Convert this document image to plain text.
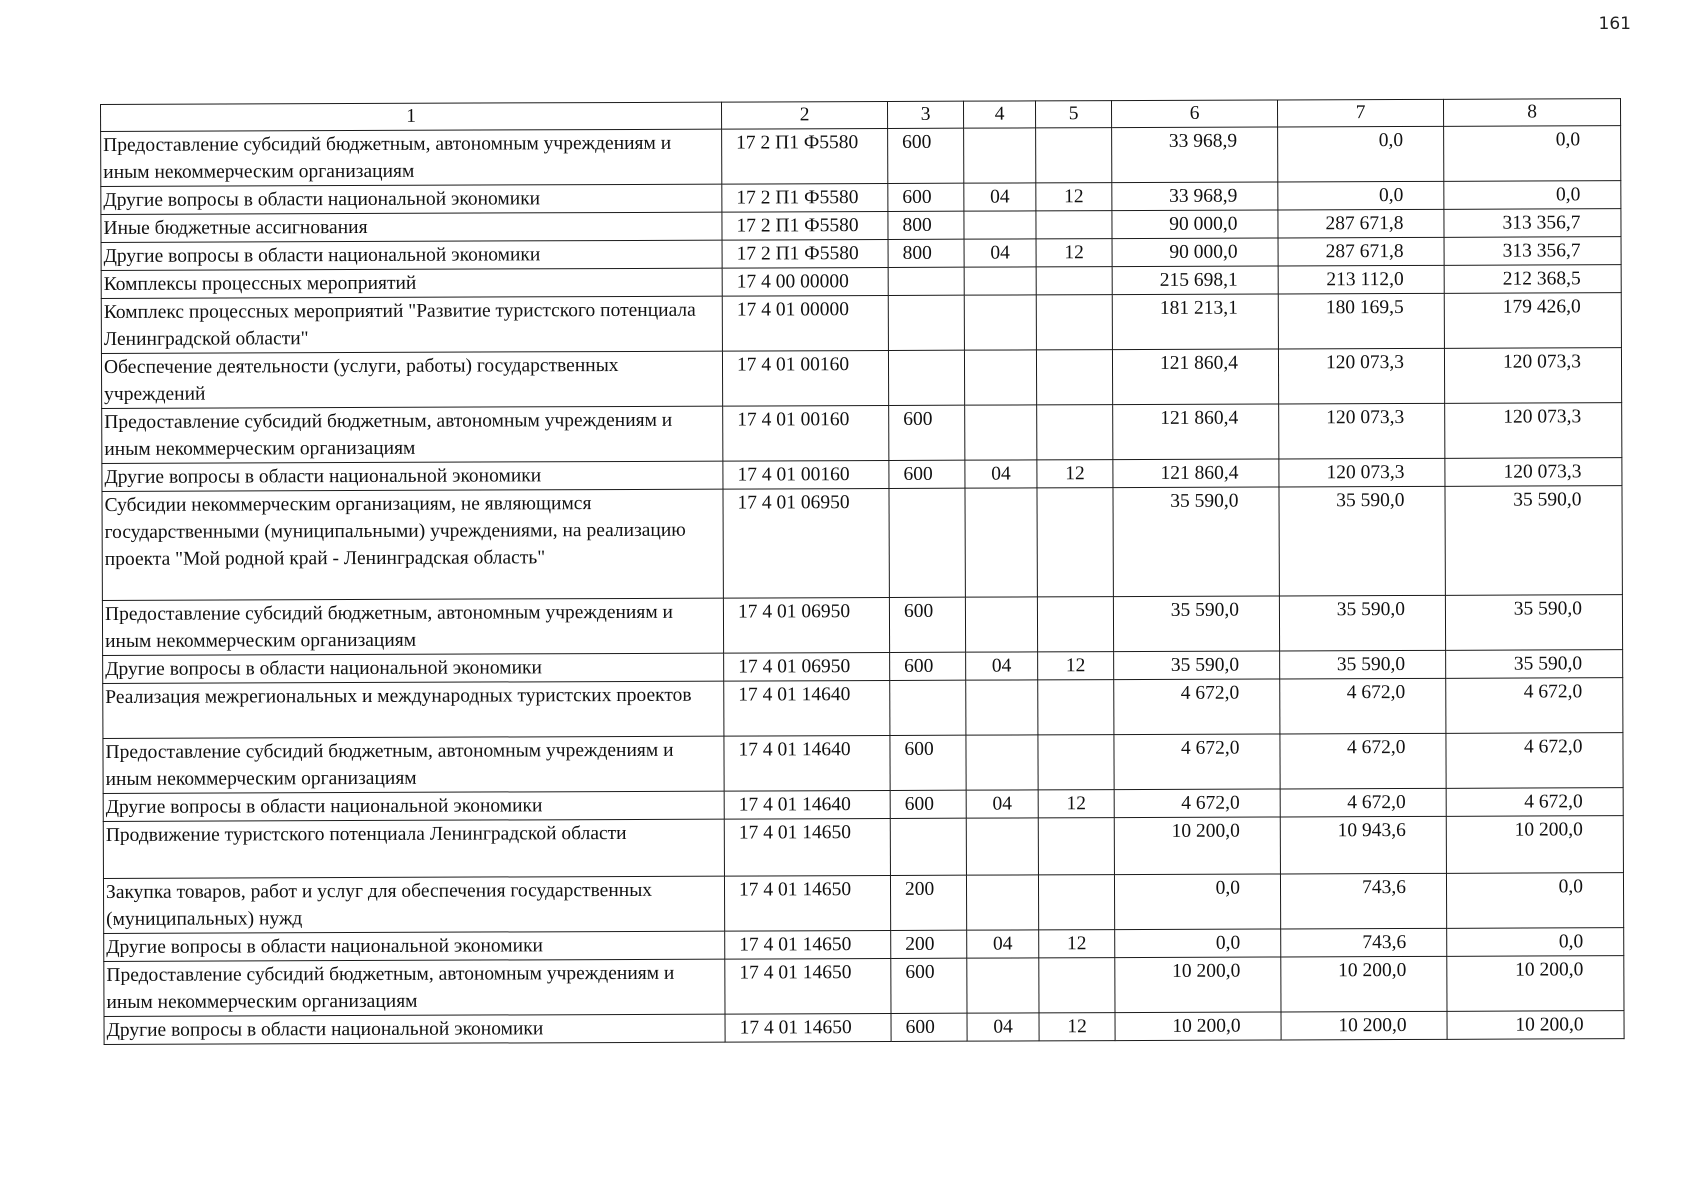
161
1	2	3	4	5	6	7	8
Предоставление субсидий бюджетным, автономным учреждениям и иным некоммерческим организациям	17 2 П1 Ф5580	600			33 968,9	0,0	0,0
Другие вопросы в области национальной экономики	17 2 П1 Ф5580	600	04	12	33 968,9	0,0	0,0
Иные бюджетные ассигнования	17 2 П1 Ф5580	800			90 000,0	287 671,8	313 356,7
Другие вопросы в области национальной экономики	17 2 П1 Ф5580	800	04	12	90 000,0	287 671,8	313 356,7
Комплексы процессных мероприятий	17 4 00 00000				215 698,1	213 112,0	212 368,5
Комплекс процессных мероприятий "Развитие туристского потенциала Ленинградской области"	17 4 01 00000				181 213,1	180 169,5	179 426,0
Обеспечение деятельности (услуги, работы) государственных учреждений	17 4 01 00160				121 860,4	120 073,3	120 073,3
Предоставление субсидий бюджетным, автономным учреждениям и иным некоммерческим организациям	17 4 01 00160	600			121 860,4	120 073,3	120 073,3
Другие вопросы в области национальной экономики	17 4 01 00160	600	04	12	121 860,4	120 073,3	120 073,3
Субсидии некоммерческим организациям, не являющимся государственными (муниципальными) учреждениями, на реализацию проекта "Мой родной край - Ленинградская область"	17 4 01 06950				35 590,0	35 590,0	35 590,0
Предоставление субсидий бюджетным, автономным учреждениям и иным некоммерческим организациям	17 4 01 06950	600			35 590,0	35 590,0	35 590,0
Другие вопросы в области национальной экономики	17 4 01 06950	600	04	12	35 590,0	35 590,0	35 590,0
Реализация межрегиональных и международных туристских проектов	17 4 01 14640				4 672,0	4 672,0	4 672,0
Предоставление субсидий бюджетным, автономным учреждениям и иным некоммерческим организациям	17 4 01 14640	600			4 672,0	4 672,0	4 672,0
Другие вопросы в области национальной экономики	17 4 01 14640	600	04	12	4 672,0	4 672,0	4 672,0
Продвижение туристского потенциала Ленинградской области	17 4 01 14650				10 200,0	10 943,6	10 200,0
Закупка товаров, работ и услуг для обеспечения государственных (муниципальных) нужд	17 4 01 14650	200			0,0	743,6	0,0
Другие вопросы в области национальной экономики	17 4 01 14650	200	04	12	0,0	743,6	0,0
Предоставление субсидий бюджетным, автономным учреждениям и иным некоммерческим организациям	17 4 01 14650	600			10 200,0	10 200,0	10 200,0
Другие вопросы в области национальной экономики	17 4 01 14650	600	04	12	10 200,0	10 200,0	10 200,0
